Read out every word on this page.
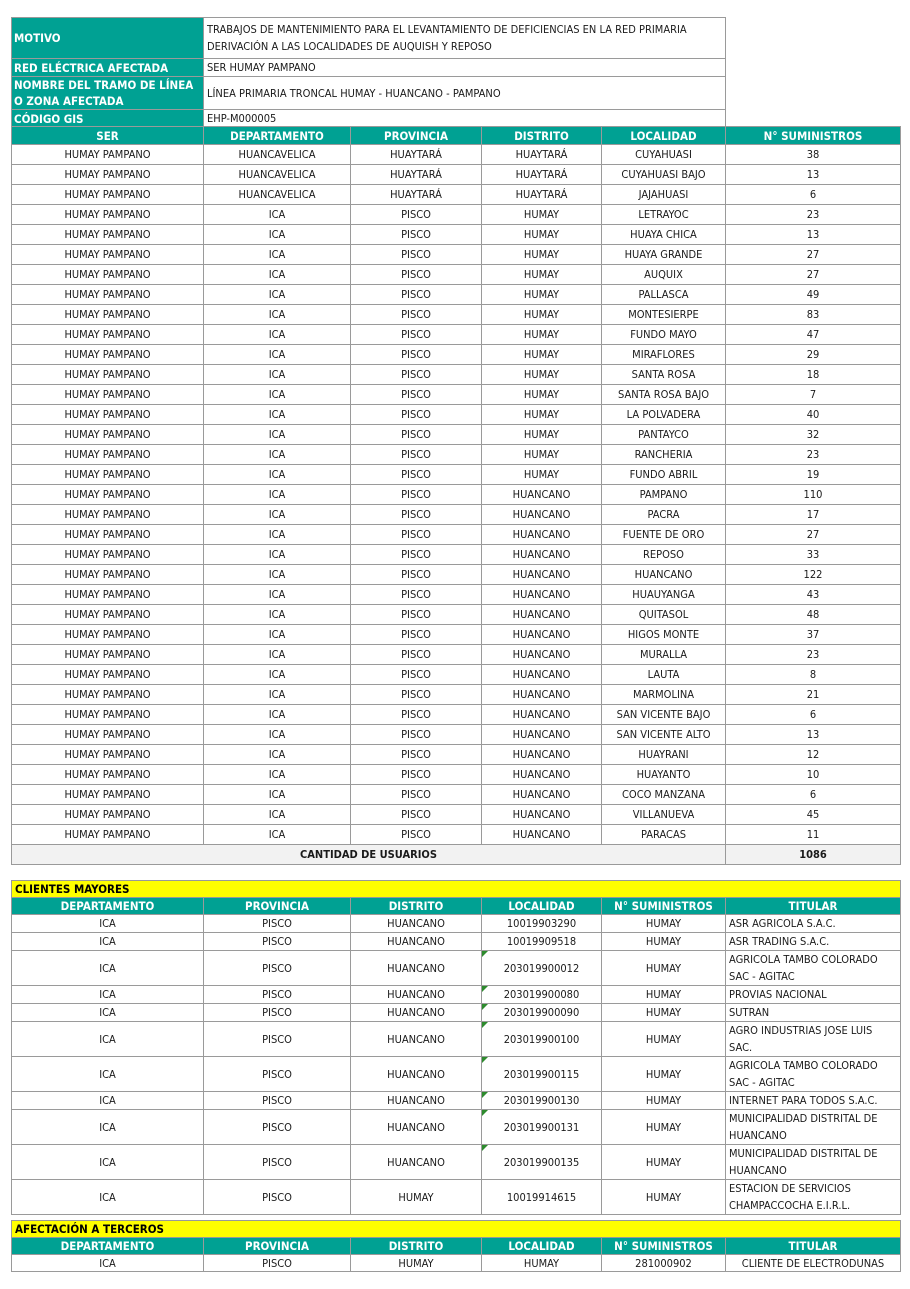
MOTIVO	TRABAJOS DE MANTENIMIENTO PARA EL LEVANTAMIENTO DE DEFICIENCIAS EN LA RED PRIMARIA DERIVACIÓN A LAS LOCALIDADES DE AUQUISH Y REPOSO	
RED ELÉCTRICA AFECTADA	SER HUMAY PAMPANO	
NOMBRE DEL TRAMO DE LÍNEA O ZONA AFECTADA	LÍNEA PRIMARIA TRONCAL HUMAY - HUANCANO - PAMPANO	
CÓDIGO GIS	EHP-M000005	
SER	DEPARTAMENTO	PROVINCIA	DISTRITO	LOCALIDAD	N° SUMINISTROS
HUMAY PAMPANO	HUANCAVELICA	HUAYTARÁ	HUAYTARÁ	CUYAHUASI	38
HUMAY PAMPANO	HUANCAVELICA	HUAYTARÁ	HUAYTARÁ	CUYAHUASI BAJO	13
HUMAY PAMPANO	HUANCAVELICA	HUAYTARÁ	HUAYTARÁ	JAJAHUASI	6
HUMAY PAMPANO	ICA	PISCO	HUMAY	LETRAYOC	23
HUMAY PAMPANO	ICA	PISCO	HUMAY	HUAYA CHICA	13
HUMAY PAMPANO	ICA	PISCO	HUMAY	HUAYA GRANDE	27
HUMAY PAMPANO	ICA	PISCO	HUMAY	AUQUIX	27
HUMAY PAMPANO	ICA	PISCO	HUMAY	PALLASCA	49
HUMAY PAMPANO	ICA	PISCO	HUMAY	MONTESIERPE	83
HUMAY PAMPANO	ICA	PISCO	HUMAY	FUNDO MAYO	47
HUMAY PAMPANO	ICA	PISCO	HUMAY	MIRAFLORES	29
HUMAY PAMPANO	ICA	PISCO	HUMAY	SANTA ROSA	18
HUMAY PAMPANO	ICA	PISCO	HUMAY	SANTA ROSA BAJO	7
HUMAY PAMPANO	ICA	PISCO	HUMAY	LA POLVADERA	40
HUMAY PAMPANO	ICA	PISCO	HUMAY	PANTAYCO	32
HUMAY PAMPANO	ICA	PISCO	HUMAY	RANCHERIA	23
HUMAY PAMPANO	ICA	PISCO	HUMAY	FUNDO ABRIL	19
HUMAY PAMPANO	ICA	PISCO	HUANCANO	PAMPANO	110
HUMAY PAMPANO	ICA	PISCO	HUANCANO	PACRA	17
HUMAY PAMPANO	ICA	PISCO	HUANCANO	FUENTE DE ORO	27
HUMAY PAMPANO	ICA	PISCO	HUANCANO	REPOSO	33
HUMAY PAMPANO	ICA	PISCO	HUANCANO	HUANCANO	122
HUMAY PAMPANO	ICA	PISCO	HUANCANO	HUAUYANGA	43
HUMAY PAMPANO	ICA	PISCO	HUANCANO	QUITASOL	48
HUMAY PAMPANO	ICA	PISCO	HUANCANO	HIGOS MONTE	37
HUMAY PAMPANO	ICA	PISCO	HUANCANO	MURALLA	23
HUMAY PAMPANO	ICA	PISCO	HUANCANO	LAUTA	8
HUMAY PAMPANO	ICA	PISCO	HUANCANO	MARMOLINA	21
HUMAY PAMPANO	ICA	PISCO	HUANCANO	SAN VICENTE BAJO	6
HUMAY PAMPANO	ICA	PISCO	HUANCANO	SAN VICENTE ALTO	13
HUMAY PAMPANO	ICA	PISCO	HUANCANO	HUAYRANI	12
HUMAY PAMPANO	ICA	PISCO	HUANCANO	HUAYANTO	10
HUMAY PAMPANO	ICA	PISCO	HUANCANO	COCO MANZANA	6
HUMAY PAMPANO	ICA	PISCO	HUANCANO	VILLANUEVA	45
HUMAY PAMPANO	ICA	PISCO	HUANCANO	PARACAS	11
CANTIDAD DE USUARIOS					1086
CLIENTES MAYORES					
DEPARTAMENTO	PROVINCIA	DISTRITO	LOCALIDAD	N° SUMINISTROS	TITULAR
ICA	PISCO	HUANCANO	10019903290	HUMAY	ASR AGRICOLA S.A.C.
ICA	PISCO	HUANCANO	10019909518	HUMAY	ASR TRADING S.A.C.
ICA	PISCO	HUANCANO	203019900012	HUMAY	AGRICOLA TAMBO COLORADO SAC - AGITAC
ICA	PISCO	HUANCANO	203019900080	HUMAY	PROVIAS NACIONAL
ICA	PISCO	HUANCANO	203019900090	HUMAY	SUTRAN
ICA	PISCO	HUANCANO	203019900100	HUMAY	AGRO INDUSTRIAS JOSE LUIS SAC.
ICA	PISCO	HUANCANO	203019900115	HUMAY	AGRICOLA TAMBO COLORADO SAC - AGITAC
ICA	PISCO	HUANCANO	203019900130	HUMAY	INTERNET PARA TODOS S.A.C.
ICA	PISCO	HUANCANO	203019900131	HUMAY	MUNICIPALIDAD DISTRITAL DE HUANCANO
ICA	PISCO	HUANCANO	203019900135	HUMAY	MUNICIPALIDAD DISTRITAL DE HUANCANO
ICA	PISCO	HUMAY	10019914615	HUMAY	ESTACION DE SERVICIOS CHAMPACCOCHA E.I.R.L.
AFECTACIÓN A TERCEROS					
DEPARTAMENTO	PROVINCIA	DISTRITO	LOCALIDAD	N° SUMINISTROS	TITULAR
ICA	PISCO	HUMAY	HUMAY	281000902	CLIENTE DE ELECTRODUNAS
